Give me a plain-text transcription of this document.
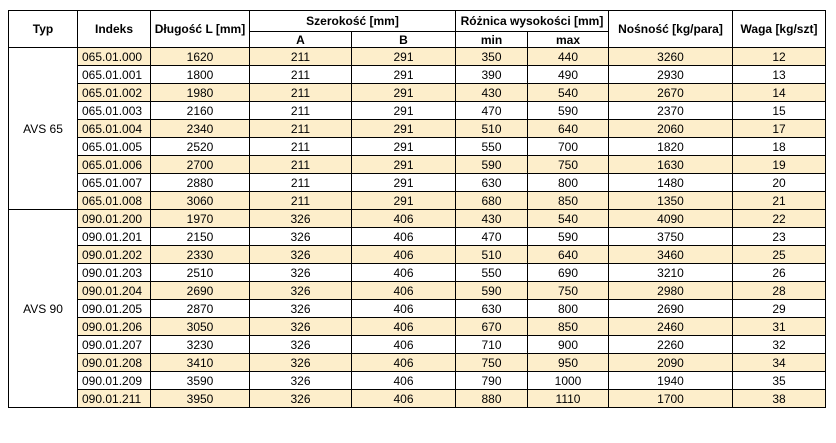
Typ	Indeks	Długość L [mm]	Szerokość [mm]		Różnica wysokości [mm]		Nośność [kg/para]	Waga [kg/szt]
			A	B	min	max		
AVS 65	065.01.000	1620	211	291	350	440	3260	12
	065.01.001	1800	211	291	390	490	2930	13
	065.01.002	1980	211	291	430	540	2670	14
	065.01.003	2160	211	291	470	590	2370	15
	065.01.004	2340	211	291	510	640	2060	17
	065.01.005	2520	211	291	550	700	1820	18
	065.01.006	2700	211	291	590	750	1630	19
	065.01.007	2880	211	291	630	800	1480	20
	065.01.008	3060	211	291	680	850	1350	21
AVS 90	090.01.200	1970	326	406	430	540	4090	22
	090.01.201	2150	326	406	470	590	3750	23
	090.01.202	2330	326	406	510	640	3460	25
	090.01.203	2510	326	406	550	690	3210	26
	090.01.204	2690	326	406	590	750	2980	28
	090.01.205	2870	326	406	630	800	2690	29
	090.01.206	3050	326	406	670	850	2460	31
	090.01.207	3230	326	406	710	900	2260	32
	090.01.208	3410	326	406	750	950	2090	34
	090.01.209	3590	326	406	790	1000	1940	35
	090.01.211	3950	326	406	880	1110	1700	38
